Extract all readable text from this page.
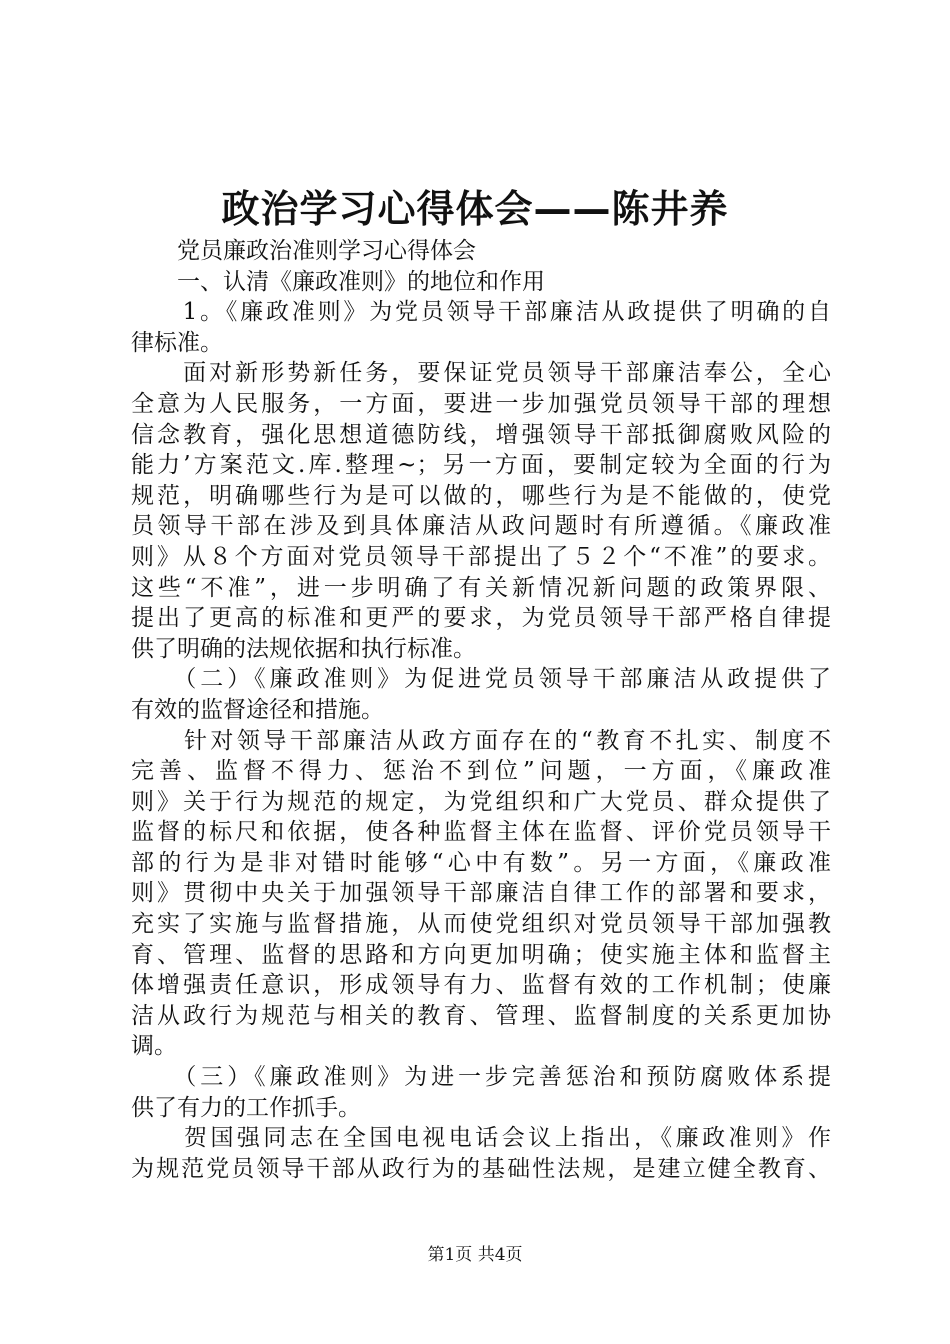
政治学习心得体会——陈井养
　　党员廉政治准则学习心得体会
　　一、认清《廉政准则》的地位和作用
　　1。《廉政准则》为党员领导干部廉洁从政提供了明确的自
律标准。
　　面对新形势新任务，要保证党员领导干部廉洁奉公，全心
全意为人民服务，一方面，要进一步加强党员领导干部的理想
信念教育，强化思想道德防线，增强领导干部抵御腐败风险的
能力’方案范文.库.整理~；另一方面，要制定较为全面的行为
规范，明确哪些行为是可以做的，哪些行为是不能做的，使党
员领导干部在涉及到具体廉洁从政问题时有所遵循。《廉政准
则》从８个方面对党员领导干部提出了５２个“不准”的要求。
这些“不准”，进一步明确了有关新情况新问题的政策界限、
提出了更高的标准和更严的要求，为党员领导干部严格自律提
供了明确的法规依据和执行标准。
　　（二）《廉政准则》为促进党员领导干部廉洁从政提供了
有效的监督途径和措施。
　　针对领导干部廉洁从政方面存在的“教育不扎实、制度不
完善、监督不得力、惩治不到位”问题，一方面，《廉政准
则》关于行为规范的规定，为党组织和广大党员、群众提供了
监督的标尺和依据，使各种监督主体在监督、评价党员领导干
部的行为是非对错时能够“心中有数”。另一方面，《廉政准
则》贯彻中央关于加强领导干部廉洁自律工作的部署和要求，
充实了实施与监督措施，从而使党组织对党员领导干部加强教
育、管理、监督的思路和方向更加明确；使实施主体和监督主
体增强责任意识，形成领导有力、监督有效的工作机制；使廉
洁从政行为规范与相关的教育、管理、监督制度的关系更加协
调。
　　（三）《廉政准则》为进一步完善惩治和预防腐败体系提
供了有力的工作抓手。
　　贺国强同志在全国电视电话会议上指出，《廉政准则》作
为规范党员领导干部从政行为的基础性法规，是建立健全教育、
第1页 共4页
